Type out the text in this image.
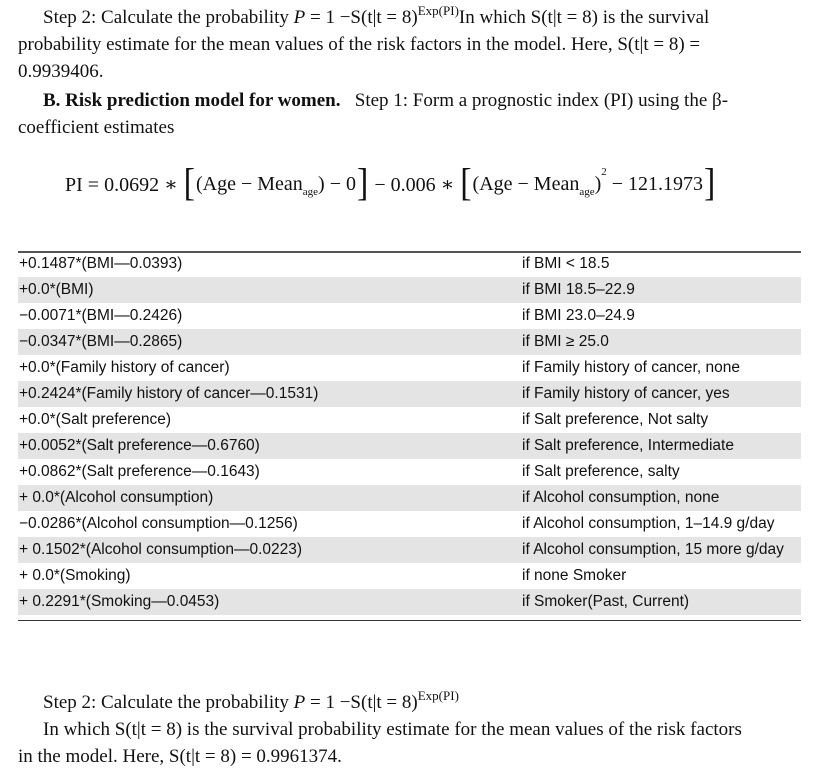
Step 2: Calculate the probability P = 1 −S(t|t = 8)$^{Exp(PI)}$In which S(t|t = 8) is the survival
probability estimate for the mean values of the risk factors in the model. Here, S(t|t = 8) =
0.9939406.
B. Risk prediction model for women. Step 1: Form a prognostic index (PI) using the β-
coefficient estimates
PI = 0.0692 ∗
[ (Age − Mean age ) − 0 ]
− 0.006 ∗
[ (Age − Mean age )
2

− 121.1973 ]
+0.1487*(BMI—0.0393)	if BMI < 18.5
+0.0*(BMI)	if BMI 18.5–22.9
−0.0071*(BMI—0.2426)	if BMI 23.0–24.9
−0.0347*(BMI—0.2865)	if BMI ≥ 25.0
+0.0*(Family history of cancer)	if Family history of cancer, none
+0.2424*(Family history of cancer—0.1531)	if Family history of cancer, yes
+0.0*(Salt preference)	if Salt preference, Not salty
+0.0052*(Salt preference—0.6760)	if Salt preference, Intermediate
+0.0862*(Salt preference—0.1643)	if Salt preference, salty
+ 0.0*(Alcohol consumption)	if Alcohol consumption, none
−0.0286*(Alcohol consumption—0.1256)	if Alcohol consumption, 1–14.9 g/day
+ 0.1502*(Alcohol consumption—0.0223)	if Alcohol consumption, 15 more g/day
+ 0.0*(Smoking)	if none Smoker
+ 0.2291*(Smoking—0.0453)	if Smoker(Past, Current)
Step 2: Calculate the probability P = 1 −S(t|t = 8)$^{Exp(PI)}$
In which S(t|t = 8) is the survival probability estimate for the mean values of the risk factors
in the model. Here, S(t|t = 8) = 0.9961374.
